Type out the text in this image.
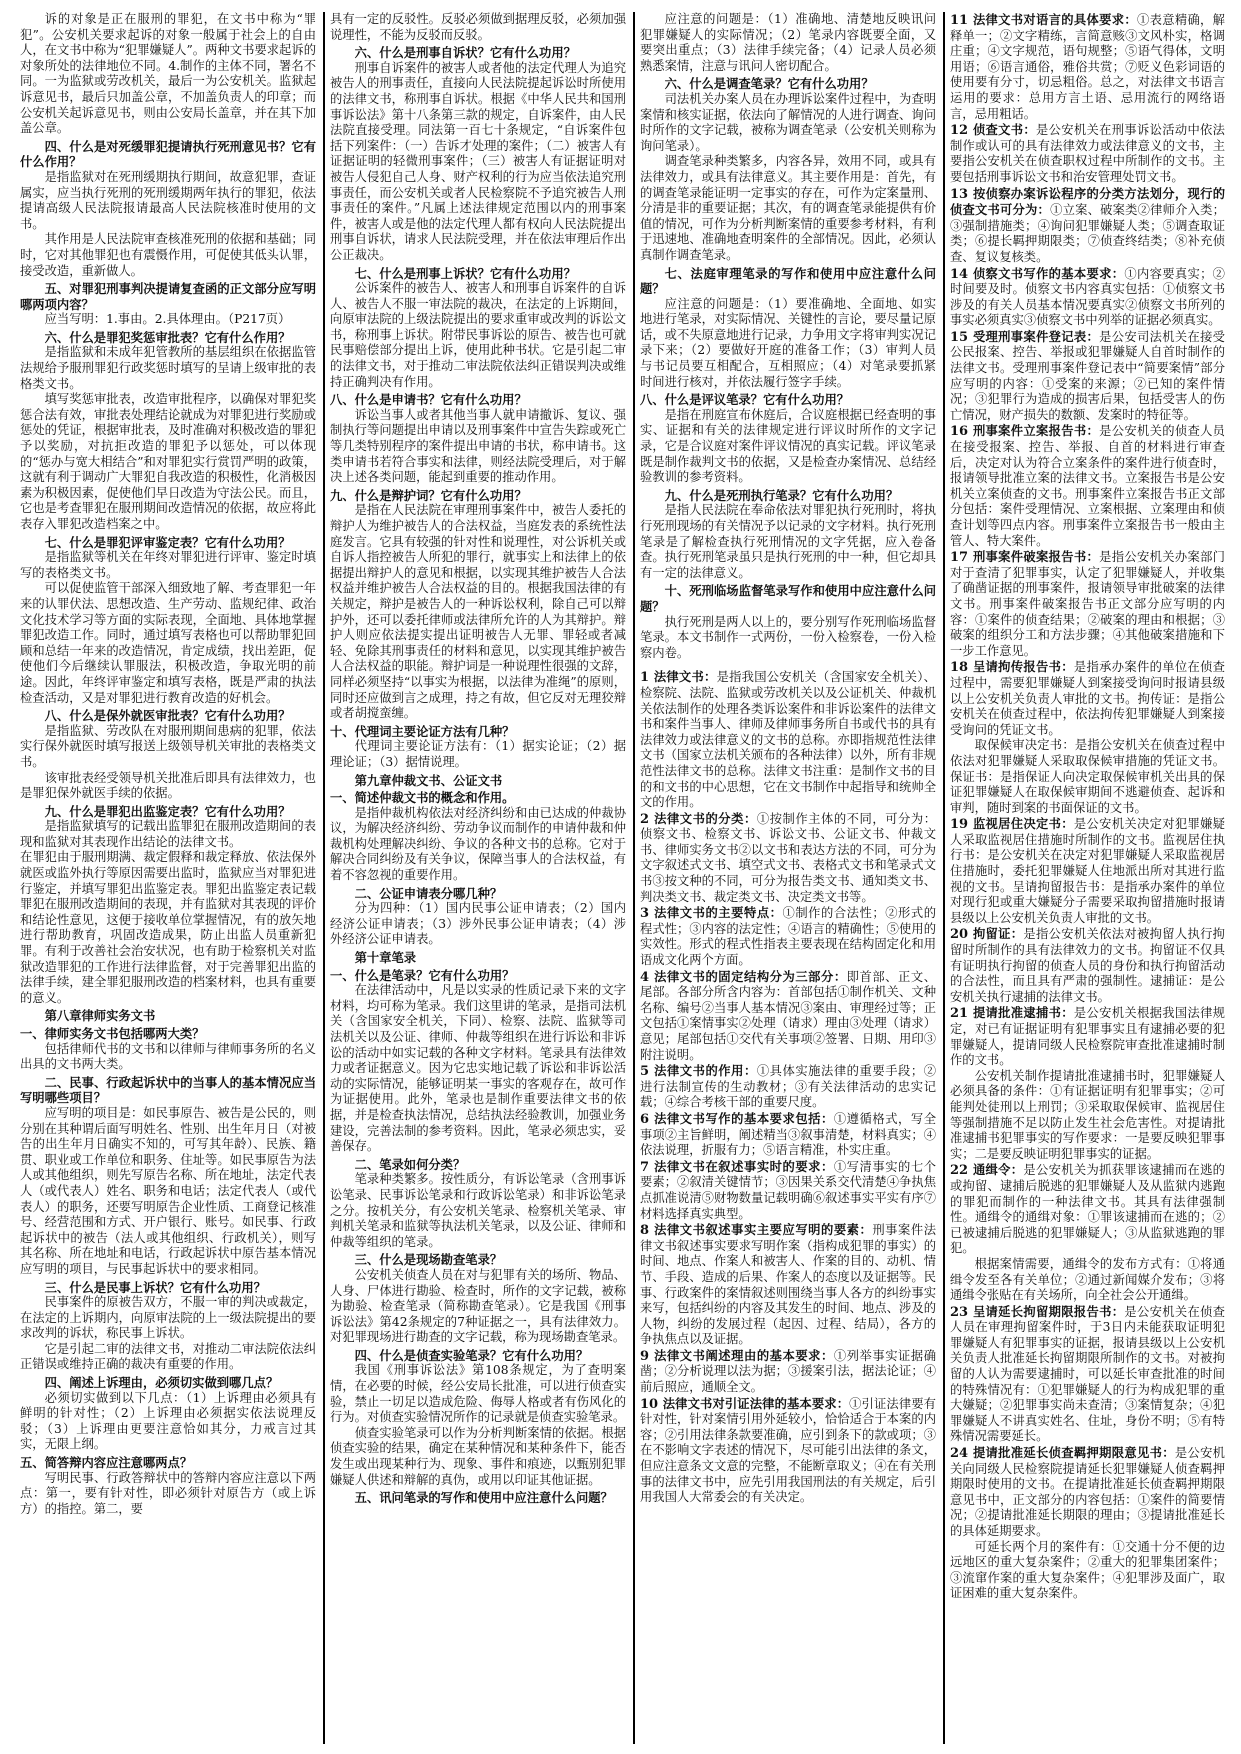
诉的对象是正在服刑的罪犯，在文书中称为“罪犯”。公安机关要求起诉的对象一般属于社会上的自由人，在文书中称为“犯罪嫌疑人”。两种文书要求起诉的对象所处的法律地位不同。4.制作的主体不同，署名不同。一为监狱或劳改机关，最后一为公安机关。监狱起诉意见书，最后只加盖公章，不加盖负责人的印章；而公安机关起诉意见书，则由公安局长盖章，并在其下加盖公章。

四、什么是对死缓罪犯提请执行死刑意见书？它有什么作用？

是指监狱对在死刑缓期执行期间，故意犯罪，查证属实，应当执行死刑的死刑缓期两年执行的罪犯，依法提请高级人民法院报请最高人民法院核准时使用的文书。

其作用是人民法院审查核准死刑的依据和基础；同时，它对其他罪犯也有震慑作用，可促使其低头认罪，接受改造，重新做人。

五、对罪犯刑事判决提请复查函的正文部分应写明哪两项内容？

应当写明：1.事由。2.具体理由。（P217页）

六、什么是罪犯奖惩审批表？它有什么作用？

是指监狱和未成年犯管教所的基层组织在依据监管法规给予服刑罪犯行政奖惩时填写的呈请上级审批的表格类文书。

填写奖惩审批表，改造审批程序，以确保对罪犯奖惩合法有效，审批表处理结论就成为对罪犯进行奖励或惩处的凭证，根据审批表，及时准确对积极改造的罪犯予以奖励，对抗拒改造的罪犯予以惩处，可以体现的“惩办与宽大相结合”和对罪犯实行赏罚严明的政策，这就有利于调动广大罪犯自我改造的积极性，化消极因素为积极因素，促使他们早日改造为守法公民。而且，它也是考查罪犯在服刑期间改造情况的依据，故应将此表存入罪犯改造档案之中。

七、什么是罪犯评审鉴定表？它有什么功用？

是指监狱等机关在年终对罪犯进行评审、鉴定时填写的表格类文书。

可以促使监管干部深入细致地了解、考查罪犯一年来的认罪伏法、思想改造、生产劳动、监规纪律、政治文化技术学习等方面的实际表现，全面地、具体地掌握罪犯改造工作。同时，通过填写表格也可以帮助罪犯回顾和总结一年来的改造情况，肯定成绩，找出差距，促使他们今后继续认罪服法，积极改造，争取光明的前途。因此，年终评审鉴定和填写表格，既是严肃的执法检查活动，又是对罪犯进行教育改造的好机会。

八、什么是保外就医审批表？它有什么功用？

是指监狱、劳改队在对服刑期间患病的犯罪，依法实行保外就医时填写报送上级领导机关审批的表格类文书。

该审批表经受领导机关批准后即具有法律效力，也是罪犯保外就医手续的依据。

九、什么是罪犯出监鉴定表？它有什么功用？

是指监狱填写的记载出监罪犯在服刑改造期间的表现和监狱对其表现作出结论的法律文书。

在罪犯由于服刑期满、裁定假释和裁定释放、依法保外就医或监外执行等原因需要出监时，监狱应当对罪犯进行鉴定，并填写罪犯出监鉴定表。罪犯出监鉴定表记载罪犯在服刑改造期间的表现，并有监狱对其表现的评价和结论性意见，这便于接收单位掌握情况，有的放矢地进行帮助教育，巩固改造成果，防止出监人员重新犯罪。有利于改善社会治安状况，也有助于检察机关对监狱改造罪犯的工作进行法律监督，对于完善罪犯出监的法律手续，建全罪犯服刑改造的档案材料，也具有重要的意义。

第八章律师实务文书

一、律师实务文书包括哪两大类？

包括律师代书的文书和以律师与律师事务所的名义出具的文书两大类。

二、民事、行政起诉状中的当事人的基本情况应当写明哪些项目？

应写明的项目是：如民事原告、被告是公民的，则分别在其种谓后面写明姓名、性别、出生年月日（对被告的出生年月日确实不知的，可写其年龄）、民族、籍贯、职业或工作单位和职务、住址等。如民事原告为法人或其他组织，则先写原告名称、所在地址，法定代表人（或代表人）姓名、职务和电话；法定代表人（或代表人）的职务，还要写明原告企业性质、工商登记核准号、经营范围和方式、开户银行、账号。如民事、行政起诉状中的被告（法人或其他组织、行政机关），则写其名称、所在地址和电话，行政起诉状中原告基本情况应写明的项目，与民事起诉状中的要求相同。

三、什么是民事上诉状？它有什么功用？

民事案件的原被告双方，不服一审的判决或裁定，在法定的上诉期内，向原审法院的上一级法院提出的要求改判的诉状，称民事上诉状。

它是引起二审的法律文书，对推动二审法院依法纠正错误或维持正确的裁决有重要的作用。

四、阐述上诉理由，必须切实做到哪几点？

必须切实做到以下几点：（1）上诉理由必须具有鲜明的针对性；（2）上诉理由必须据实依法说理反驳；（3）上诉理由更要注意恰如其分，力戒言过其实，无限上纲。

五、简答辩内容应注意哪两点？

写明民事、行政答辩状中的答辩内容应注意以下两点：第一，要有针对性，即必须针对原告方（或上诉方）的指控。第二，要

具有一定的反驳性。反驳必须做到据理反驳，必须加强说理性，不能为反驳而反驳。

六、什么是刑事自诉状？它有什么功用？

刑事自诉案件的被害人或者他的法定代理人为追究被告人的刑事责任，直接向人民法院提起诉讼时所使用的法律文书，称刑事自诉状。根据《中华人民共和国刑事诉讼法》第十八条第三款的规定，自诉案件，由人民法院直接受理。同法第一百七十条规定，“自诉案件包括下列案件：（一）告诉才处理的案件；（二）被害人有证据证明的轻微刑事案件；（三）被害人有证据证明对被告人侵犯自己人身、财产权利的行为应当依法追究刑事责任，而公安机关或者人民检察院不予追究被告人刑事责任的案件。”凡属上述法律规定范围以内的刑事案件，被害人或是他的法定代理人都有权向人民法院提出刑事自诉状，请求人民法院受理，并在依法审理后作出公正裁决。

七、什么是刑事上诉状？它有什么功用？

公诉案件的被告人、被害人和刑事自诉案件的自诉人、被告人不服一审法院的裁决，在法定的上诉期间，向原审法院的上级法院提出的要求重审或改判的诉讼文书，称刑事上诉状。附带民事诉讼的原告、被告也可就民事赔偿部分提出上诉，使用此种书状。它是引起二审的法律文书，对于推动二审法院依法纠正错误判决或维持正确判决有作用。

八、什么是申请书？它有什么功用？

诉讼当事人或者其他当事人就申请撤诉、复议、强制执行等问题提出申请以及刑事案件中宣告失踪或死亡等几类特别程序的案件提出申请的书状，称申请书。这类申请书若符合事实和法律，则经法院受理后，对于解决上述各类问题，能起到重要的推动作用。

九、什么是辩护词？它有什么功用？

是指在人民法院在审理刑事案件中，被告人委托的辩护人为维护被告人的合法权益，当庭发表的系统性法庭发言。它具有较强的针对性和说理性，对公诉机关或自诉人指控被告人所犯的罪行，就事实上和法律上的依据提出辩护人的意见和根据，以实现其维护被告人合法权益并维护被告人合法权益的目的。根据我国法律的有关规定，辩护是被告人的一种诉讼权利，除自己可以辩护外，还可以委托律师或法律所允许的人为其辩护。辩护人则应依法提实提出证明被告人无罪、罪轻或者减轻、免除其刑事责任的材料和意见，以实现其维护被告人合法权益的职能。辩护词是一种说理性很强的文辞，同样必须坚持“以事实为根据，以法律为准绳”的原则，同时还应做到言之成理，持之有故，但它反对无理狡辩或者胡搅蛮缠。

十、代理词主要论证方法有几种？

代理词主要论证方法有：（1）据实论证；（2）据理论证；（3）据情说理。

第九章仲裁文书、公证文书

一、简述仲裁文书的概念和作用。

是指仲裁机构依法对经济纠纷和由已达成的仲裁协议，为解决经济纠纷、劳动争议而制作的申请仲裁和仲裁机构处理解决纠纷、争议的各种文书的总称。它对于解决合同纠纷及有关争议，保障当事人的合法权益，有着不容忽视的重要作用。

二、公证申请表分哪几种？

分为四种：（1）国内民事公证申请表；（2）国内经济公证申请表；（3）涉外民事公证申请表；（4）涉外经济公证申请表。

第十章笔录

一、什么是笔录？它有什么功用？

在法律活动中，凡是以实录的性质记录下来的文字材料，均可称为笔录。我们这里讲的笔录，是指司法机关（含国家安全机关，下同）、检察、法院、监狱等司法机关以及公证、律师、仲裁等组织在进行诉讼和非诉讼的活动中如实记载的各种文字材料。笔录具有法律效力或者证据意义。因为它忠实地记载了诉讼和非诉讼活动的实际情况，能够证明某一事实的客观存在，故可作为证据使用。此外，笔录也是制作重要法律文书的依据，并是检查执法情况，总结执法经验教训，加强业务建设，完善法制的参考资料。因此，笔录必须忠实，妥善保存。

二、笔录如何分类？

笔录种类繁多。按性质分，有诉讼笔录（含刑事诉讼笔录、民事诉讼笔录和行政诉讼笔录）和非诉讼笔录之分。按机关分，有公安机关笔录、检察机关笔录、审判机关笔录和监狱等执法机关笔录，以及公证、律师和仲裁等组织的笔录。

三、什么是现场勘查笔录？

公安机关侦查人员在对与犯罪有关的场所、物品、人身、尸体进行勘验、检查时，所作的文字记载，被称为勘验、检查笔录（简称勘查笔录）。它是我国《刑事诉讼法》第42条规定的7种证据之一，具有法律效力。对犯罪现场进行勘查的文字记载，称为现场勘查笔录。

四、什么是侦查实验笔录？它有什么功用？

我国《刑事诉讼法》第108条规定，为了查明案情，在必要的时候，经公安局长批准，可以进行侦查实验，禁止一切足以造成危险、侮辱人格或者有伤风化的行为。对侦查实验情况所作的记录就是侦查实验笔录。

侦查实验笔录可以作为分析判断案情的依据。根据侦查实验的结果，确定在某种情况和某种条件下，能否发生或出现某种行为、现象、事件和痕迹，以甄别犯罪嫌疑人供述和辩解的真伪，或用以印证其他证据。

五、讯问笔录的写作和使用中应注意什么问题？

应注意的问题是：（1）准确地、清楚地反映讯问犯罪嫌疑人的实际情况；（2）笔录内容既要全面，又要突出重点；（3）法律手续完备；（4）记录人员必须熟悉案情，注意与讯问人密切配合。

六、什么是调查笔录？它有什么功用？

司法机关办案人员在办理诉讼案件过程中，为查明案情和核实证据，依法向了解情况的人进行调查、询问时所作的文字记载，被称为调查笔录（公安机关则称为询问笔录）。

调查笔录种类繁多，内容各异，效用不同，或具有法律效力，或具有法律意义。其主要作用是：首先，有的调查笔录能证明一定事实的存在，可作为定案量刑、分清是非的重要证据；其次，有的调查笔录能提供有价值的情况，可作为分析判断案情的重要参考材料，有利于迅速地、准确地查明案件的全部情况。因此，必须认真制作调查笔录。

七、法庭审理笔录的写作和使用中应注意什么问题？

应注意的问题是：（1）要准确地、全面地、如实地进行笔录，对实际情况、关键性的言论，要尽量记原话，或不失原意地进行记录，力争用文字将审判实况记录下来；（2）要做好开庭的准备工作；（3）审判人员与书记员要互相配合，互相照应；（4）对笔录要抓紧时间进行核对，并依法履行签字手续。

八、什么是评议笔录？它有什么功用？

是指在刑庭宣布休庭后，合议庭根据已经查明的事实、证据和有关的法律规定进行评议时所作的文字记录，它是合议庭对案件评议情况的真实记载。评议笔录既是制作裁判文书的依据，又是检查办案情况、总结经验教训的参考资料。

九、什么是死刑执行笔录？它有什么功用？

是指人民法院在奉命依法对罪犯执行死刑时，将执行死刑现场的有关情况予以记录的文字材料。执行死刑笔录是了解检查执行死刑情况的文字凭据，应入卷备查。执行死刑笔录虽只是执行死刑的中一种，但它却具有一定的法律意义。

十、死刑临场监督笔录写作和使用中应注意什么问题？

执行死刑是两人以上的，要分别写作死刑临场监督笔录。本文书制作一式两份，一份入检察卷，一份入检察内卷。

1 法律文书：是指我国公安机关（含国家安全机关）、检察院、法院、监狱或劳改机关以及公证机关、仲裁机关依法制作的处理各类诉讼案件和非诉讼案件的法律文书和案件当事人、律师及律师事务所自书或代书的具有法律效力或法律意义的文书的总称。亦即指规范性法律文书（国家立法机关颁布的各种法律）以外，所有非规范性法律文书的总称。法律文书注重：是制作文书的目的和文书的中心思想，它在文书制作中起指导和统帅全文的作用。

2 法律文书的分类：①按制作主体的不同，可分为：侦察文书、检察文书、诉讼文书、公证文书、仲裁文书、律师实务文书②以文书和表达方法的不同，可分为文字叙述式文书、填空式文书、表格式文书和笔录式文书③按文种的不同，可分为报告类文书、通知类文书、判决类文书、裁定类文书、决定类文书等。

3 法律文书的主要特点：①制作的合法性；②形式的程式性；③内容的法定性；④语言的精确性；⑤使用的实效性。形式的程式性指表主要表现在结构固定化和用语成文化两个方面。

4 法律文书的固定结构分为三部分：即首部、正文、尾部。各部分所含内容为：首部包括①制作机关、文种名称、编号②当事人基本情况③案由、审理经过等；正文包括①案情事实②处理（请求）理由③处理（请求）意见；尾部包括①交代有关事项②签署、日期、用印③附注说明。

5 法律文书的作用：①具体实施法律的重要手段；②进行法制宣传的生动教材；③有关法律活动的忠实记载；④综合考核干部的重要尺度。

6 法律文书写作的基本要求包括：①遵循格式，写全事项②主旨鲜明，阐述精当③叙事清楚，材料真实；④依法说理，折服有力；⑤语言精准，朴实庄重。

7 法律文书在叙述事实时的要求：①写清事实的七个要素；②叙清关键情节；③因果关系交代清楚④争执焦点抓准说清⑤财物数量记载明确⑥叙述事实平实有序⑦材料选择真实典型。

8 法律文书叙述事实主要应写明的要素：刑事案件法律文书叙述事实要求写明作案（指构成犯罪的事实）的时间、地点、作案人和被害人、作案的目的、动机、情节、手段、造成的后果、作案人的态度以及证据等。民事、行政案件的案情叙述则围绕当事人各方的纠纷事实来写，包括纠纷的内容及其发生的时间、地点、涉及的人物，纠纷的发展过程（起因、过程、结局），各方的争执焦点以及证据。

9 法律文书阐述理由的基本要求：①列举事实证据确凿；②分析说理以法为据；③援案引法，据法论证；④前后照应，通顺全文。

10 法律文书对引证法律的基本要求：①引证法律要有针对性，针对案情引用外延较小，恰恰适合于本案的内容；②引用法律条款要准确，应引到条下的款或项；③在不影响文字表述的情况下，尽可能引出法律的条文，但应注意条文文意的完整，不能断章取义；④在有关刑事的法律文书中，应先引用我国刑法的有关规定，后引用我国人大常委会的有关决定。

11 法律文书对语言的具体要求：①表意精确，解释单一；②文字精练，言简意赅③文风朴实，格调庄重；④文字规范，语句规整；⑤语气得体，文明用语；⑥语言通俗，雅俗共赏；⑦贬义色彩词语的使用要有分寸，切忌粗俗。总之，对法律文书语言运用的要求：总用方言土语、忌用流行的网络语言，忌用粗话。

12 侦查文书：是公安机关在刑事诉讼活动中依法制作或认可的具有法律效力或法律意义的文书，主要指公安机关在侦查职权过程中所制作的文书。主要包括刑事诉讼文书和治安管理处罚文书。

13 按侦察办案诉讼程序的分类方法划分，现行的侦查文书可分为：①立案、破案类②律师介入类；③强制措施类；④询问犯罪嫌疑人类；⑤调查取证类；⑥提长羁押期限类；⑦侦查终结类；⑧补充侦查、复议复核类。

14 侦察文书写作的基本要求：①内容要真实；②时间要及时。侦察文书内容真实包括：①侦察文书涉及的有关人员基本情况要真实②侦察文书所列的事实必须真实③侦察文书中列举的证据必须真实。

15 受理刑事案件登记表：是公安司法机关在接受公民报案、控告、举报或犯罪嫌疑人自首时制作的法律文书。受理刑事案件登记表中“简要案情”部分应写明的内容：①受案的来源；②已知的案件情况；③犯罪行为造成的损害后果，包括受害人的伤亡情况，财产损失的数额、发案时的特征等。

16 刑事案件立案报告书：是公安机关的侦查人员在接受报案、控告、举报、自首的材料进行审查后，决定对认为符合立案条件的案件进行侦查时，报请领导批准立案的法律文书。立案报告书是公安机关立案侦查的文书。刑事案件立案报告书正文部分包括：案件受理情况、立案根据、立案理由和侦查计划等四点内容。刑事案件立案报告书一般由主管人、特大案件。

17 刑事案件破案报告书：是指公安机关办案部门对于查清了犯罪事实，认定了犯罪嫌疑人，并收集了确凿证据的刑事案件，报请领导审批破案的法律文书。刑事案件破案报告书正文部分应写明的内容：①案件的侦查结果；②破案的理由和根据；③破案的组织分工和方法步骤；④其他破案措施和下一步工作意见。

18 呈请拘传报告书：是指承办案件的单位在侦查过程中，需要犯罪嫌疑人到案接受询问时报请县级以上公安机关负责人审批的文书。拘传证：是指公安机关在侦查过程中，依法拘传犯罪嫌疑人到案接受询问的凭证文书。

取保候审决定书：是指公安机关在侦查过程中依法对犯罪嫌疑人采取取保候审措施的凭证文书。保证书：是指保证人向决定取保候审机关出具的保证犯罪嫌疑人在取保候审期间不逃避侦查、起诉和审判，随时到案的书面保证的文书。

19 监视居住决定书：是公安机关决定对犯罪嫌疑人采取监视居住措施时所制作的文书。监视居住执行书：是公安机关在决定对犯罪嫌疑人采取监视居住措施时，委托犯罪嫌疑人住地派出所对其进行监视的文书。呈请拘留报告书：是指承办案件的单位对现行犯或重大嫌疑分子需要采取拘留措施时报请县级以上公安机关负责人审批的文书。

20 拘留证：是指公安机关依法对被拘留人执行拘留时所制作的具有法律效力的文书。拘留证不仅具有证明执行拘留的侦查人员的身份和执行拘留活动的合法性，而且具有严肃的强制性。逮捕证：是公安机关执行逮捕的法律文书。

21 提请批准逮捕书：是公安机关根据我国法律规定，对已有证据证明有犯罪事实且有逮捕必要的犯罪嫌疑人，提请同级人民检察院审查批准逮捕时制作的文书。

公安机关制作提请批准逮捕书时，犯罪嫌疑人必须具备的条件：①有证据证明有犯罪事实；②可能判处徒刑以上刑罚；③采取取保候审、监视居住等强制措施不足以防止发生社会危害性。对提请批准逮捕书犯罪事实的写作要求：一是要反映犯罪事实；二是要反映证明犯罪事实的证据。

22 通缉令：是公安机关为抓获罪该逮捕而在逃的或拘留、逮捕后脱逃的犯罪嫌疑人及从监狱内逃跑的罪犯而制作的一种法律文书。其具有法律强制性。通缉令的通缉对象：①罪该逮捕而在逃的；②已被逮捕后脱逃的犯罪嫌疑人；③从监狱逃跑的罪犯。

根据案情需要，通缉令的发布方式有：①将通缉令发至各有关单位；②通过新闻媒介发布；③将通缉令张贴在有关场所，向全社会公开通缉。

23 呈请延长拘留期限报告书：是公安机关在侦查人员在审理拘留案件时，于3日内未能获取证明犯罪嫌疑人有犯罪事实的证据，报请县级以上公安机关负责人批准延长拘留期限所制作的文书。对被拘留的人认为需要逮捕时，可以延长审查批准的时间的特殊情况有：①犯罪嫌疑人的行为构成犯罪的重大嫌疑；②犯罪事实尚未查清；③案情复杂；④犯罪嫌疑人不讲真实姓名、住址，身份不明；⑤有特殊情况需要延长。

24 提请批准延长侦查羁押期限意见书：是公安机关向同级人民检察院提请延长犯罪嫌疑人侦查羁押期限时使用的文书。在提请批准延长侦查羁押期限意见书中，正文部分的内容包括：①案件的简要情况；②提请批准延长期限的理由；③提请批准延长的具体延期要求。

可延长两个月的案件有：①交通十分不便的边远地区的重大复杂案件；②重大的犯罪集团案件；③流窜作案的重大复杂案件；④犯罪涉及面广，取证困难的重大复杂案件。
